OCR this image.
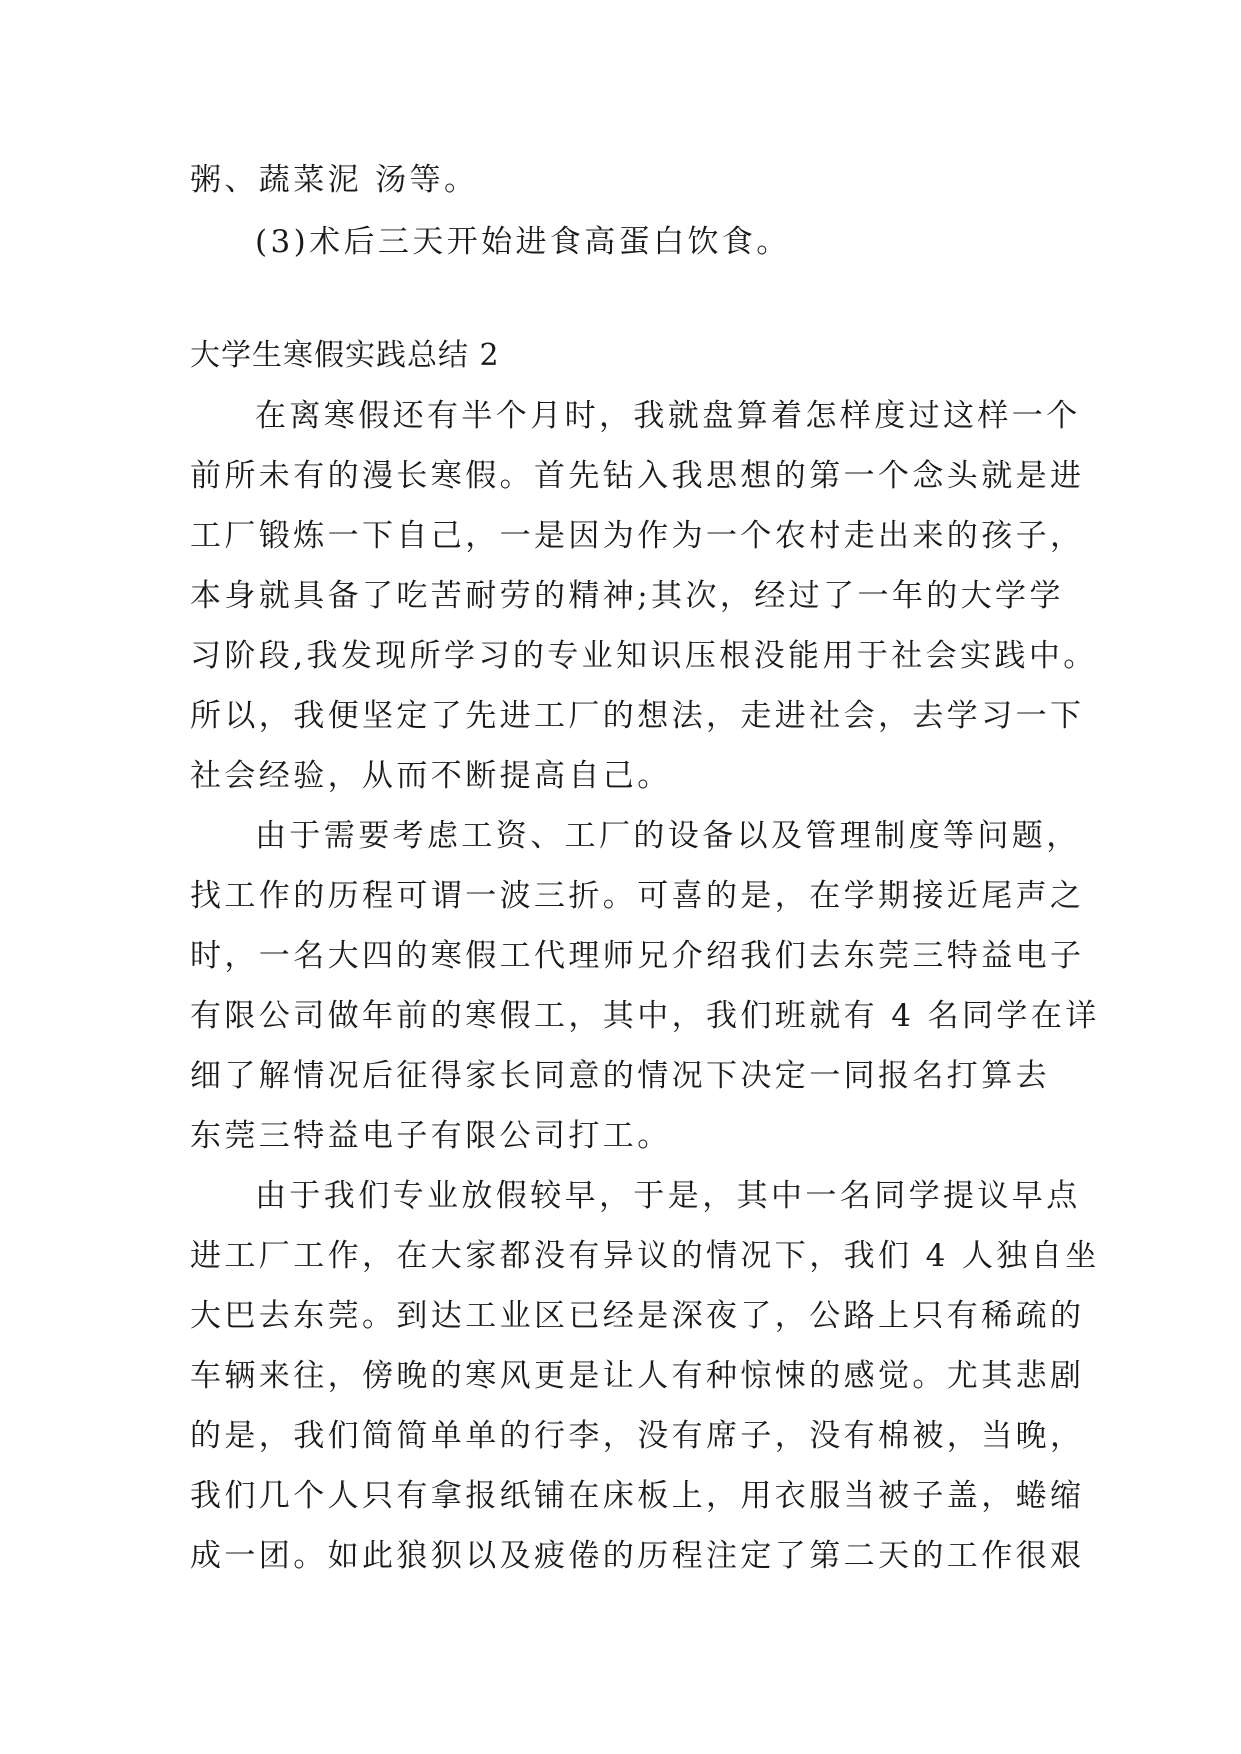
粥、蔬菜泥 汤等。
(3)术后三天开始进食高蛋白饮食。
大学生寒假实践总结 2
在离寒假还有半个月时，我就盘算着怎样度过这样一个
前所未有的漫长寒假。首先钻入我思想的第一个念头就是进
工厂锻炼一下自己，一是因为作为一个农村走出来的孩子，
本身就具备了吃苦耐劳的精神;其次，经过了一年的大学学
习阶段,我发现所学习的专业知识压根没能用于社会实践中。
所以，我便坚定了先进工厂的想法，走进社会，去学习一下
社会经验，从而不断提高自己。
由于需要考虑工资、工厂的设备以及管理制度等问题，
找工作的历程可谓一波三折。可喜的是，在学期接近尾声之
时，一名大四的寒假工代理师兄介绍我们去东莞三特益电子
有限公司做年前的寒假工，其中，我们班就有 4 名同学在详
细了解情况后征得家长同意的情况下决定一同报名打算去
东莞三特益电子有限公司打工。
由于我们专业放假较早，于是，其中一名同学提议早点
进工厂工作，在大家都没有异议的情况下，我们 4 人独自坐
大巴去东莞。到达工业区已经是深夜了，公路上只有稀疏的
车辆来往，傍晚的寒风更是让人有种惊悚的感觉。尤其悲剧
的是，我们简简单单的行李，没有席子，没有棉被，当晚，
我们几个人只有拿报纸铺在床板上，用衣服当被子盖，蜷缩
成一团。如此狼狈以及疲倦的历程注定了第二天的工作很艰
